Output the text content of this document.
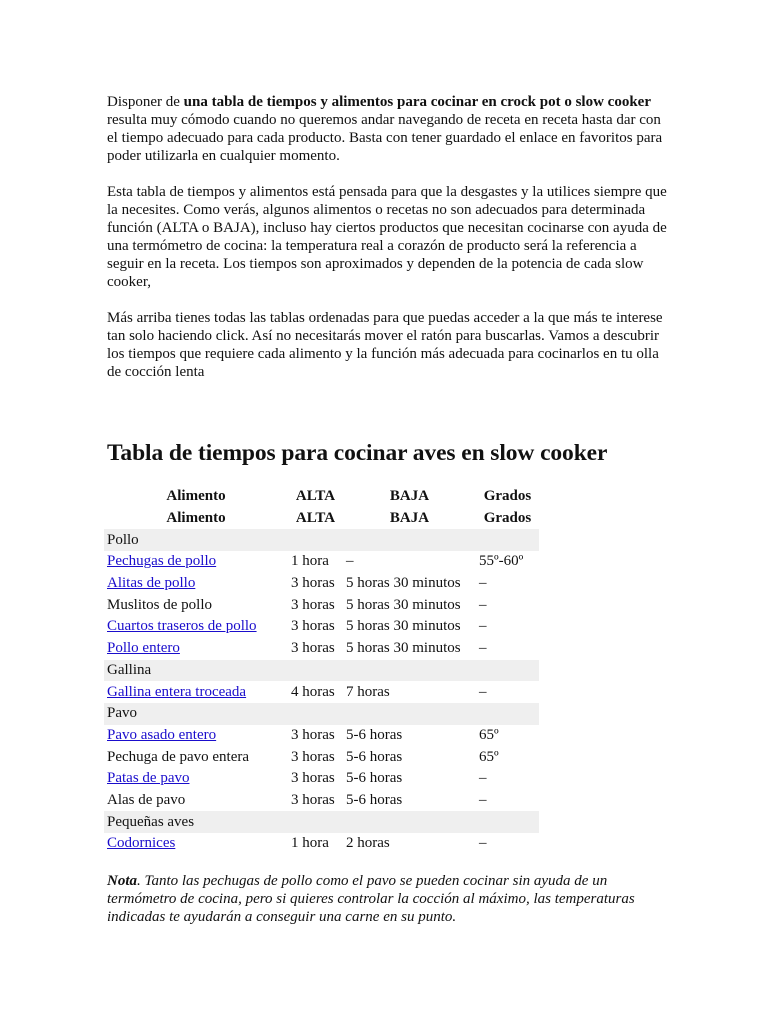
Disponer de una tabla de tiempos y alimentos para cocinar en crock pot o slow cooker resulta muy cómodo cuando no queremos andar navegando de receta en receta hasta dar con el tiempo adecuado para cada producto. Basta con tener guardado el enlace en favoritos para poder utilizarla en cualquier momento.

Esta tabla de tiempos y alimentos está pensada para que la desgastes y la utilices siempre que la necesites. Como verás, algunos alimentos o recetas no son adecuados para determinada función (ALTA o BAJA), incluso hay ciertos productos que necesitan cocinarse con ayuda de una termómetro de cocina: la temperatura real a corazón de producto será la referencia a seguir en la receta. Los tiempos son aproximados y dependen de la potencia de cada slow cooker,

Más arriba tienes todas las tablas ordenadas para que puedas acceder a la que más te interese tan solo haciendo click. Así no necesitarás mover el ratón para buscarlas. Vamos a descubrir los tiempos que requiere cada alimento y la función más adecuada para cocinarlos en tu olla de cocción lenta

Tabla de tiempos para cocinar aves en slow cooker
Alimento	ALTA	BAJA	Grados
Alimento	ALTA	BAJA	Grados
Pollo			
Pechugas de pollo	1 hora	–	55º-60º
Alitas de pollo	3 horas	5 horas 30 minutos	–
Muslitos de pollo	3 horas	5 horas 30 minutos	–
Cuartos traseros de pollo	3 horas	5 horas 30 minutos	–
Pollo entero	3 horas	5 horas 30 minutos	–
Gallina			
Gallina entera troceada	4 horas	7 horas	–
Pavo			
Pavo asado entero	3 horas	5-6 horas	65º
Pechuga de pavo entera	3 horas	5-6 horas	65º
Patas de pavo	3 horas	5-6 horas	–
Alas de pavo	3 horas	5-6 horas	–
Pequeñas aves			
Codornices	1 hora	2 horas	–

Nota. Tanto las pechugas de pollo como el pavo se pueden cocinar sin ayuda de un termómetro de cocina, pero si quieres controlar la cocción al máximo, las temperaturas indicadas te ayudarán a conseguir una carne en su punto.
